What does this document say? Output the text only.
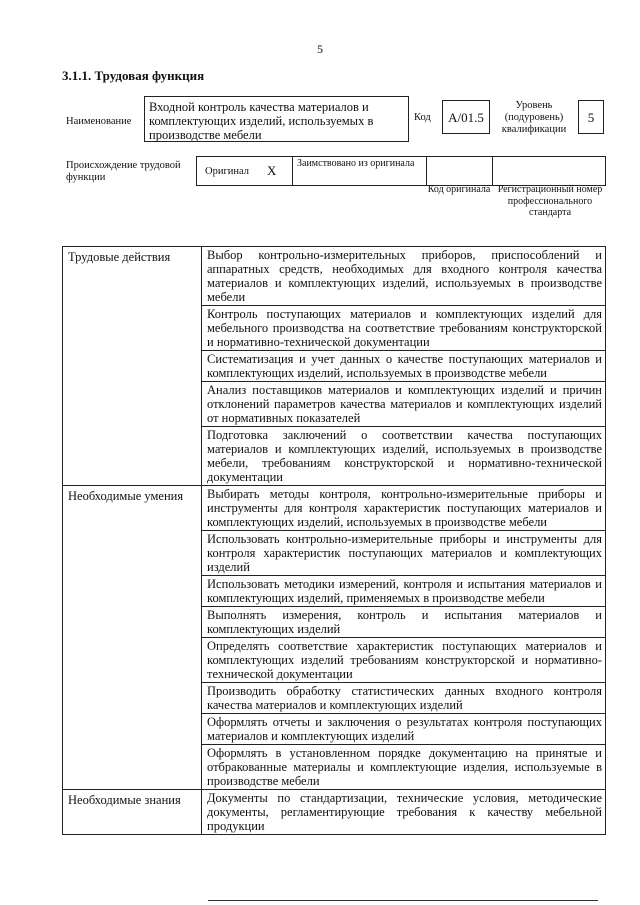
5
3.1.1. Трудовая функция
Наименование
Входной контроль качества материалов и комплектующих изделий, используемых в производстве мебели
Код	А/01.5
Уровень (подуровень) квалификации
5
Происхождение трудовой функции
Оригинал X Заимствовано из оригинала
Код оригинала Регистрационный номер профессионального стандарта
Трудовые действия	Выбор контрольно-измерительных приборов, приспособлений и аппаратных средств, необходимых для входного контроля качества материалов и комплектующих изделий, используемых в производстве мебели
	Контроль поступающих материалов и комплектующих изделий для мебельного производства на соответствие требованиям конструкторской и нормативно-технической документации
	Систематизация и учет данных о качестве поступающих материалов и комплектующих изделий, используемых в производстве мебели
	Анализ поставщиков материалов и комплектующих изделий и причин отклонений параметров качества материалов и комплектующих изделий от нормативных показателей
	Подготовка заключений о соответствии качества поступающих материалов и комплектующих изделий, используемых в производстве мебели, требованиям конструкторской и нормативно-технической документации
Необходимые умения	Выбирать методы контроля, контрольно-измерительные приборы и инструменты для контроля характеристик поступающих материалов и комплектующих изделий, используемых в производстве мебели
	Использовать контрольно-измерительные приборы и инструменты для контроля характеристик поступающих материалов и комплектующих изделий
	Использовать методики измерений, контроля и испытания материалов и комплектующих изделий, применяемых в производстве мебели
	Выполнять измерения, контроль и испытания материалов и комплектующих изделий
	Определять соответствие характеристик поступающих материалов и комплектующих изделий требованиям конструкторской и нормативно-технической документации
	Производить обработку статистических данных входного контроля качества материалов и комплектующих изделий
	Оформлять отчеты и заключения о результатах контроля поступающих материалов и комплектующих изделий
	Оформлять в установленном порядке документацию на принятые и отбракованные материалы и комплектующие изделия, используемые в производстве мебели
Необходимые знания	Документы по стандартизации, технические условия, методические документы, регламентирующие требования к качеству мебельной продукции
